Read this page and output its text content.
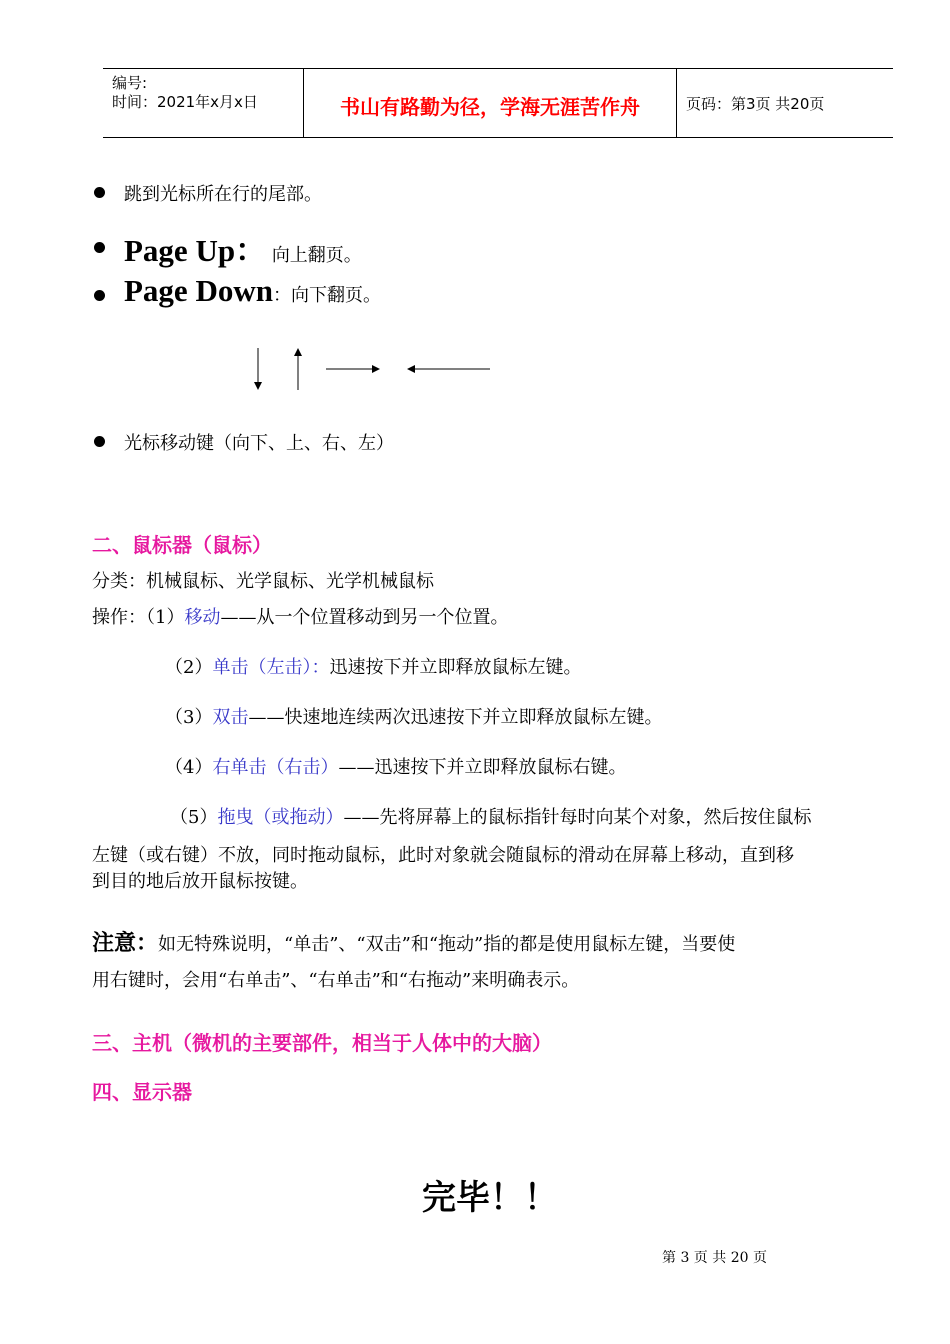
编号:
时间：2021年x月x日	书山有路勤为径，学海无涯苦作舟	页码：第3页 共20页
跳到光标所在行的尾部。
Page Up： 向上翻页。
Page Down：向下翻页。
光标移动键（向下、上、右、左）
二、鼠标器（鼠标）
分类：机械鼠标、光学鼠标、光学机械鼠标
操作：（1）移动——从一个位置移动到另一个位置。
（2）单击（左击）：迅速按下并立即释放鼠标左键。
（3）双击——快速地连续两次迅速按下并立即释放鼠标左键。
（4）右单击（右击）——迅速按下并立即释放鼠标右键。
（5）拖曳（或拖动）——先将屏幕上的鼠标指针每时向某个对象，然后按住鼠标
左键（或右键）不放，同时拖动鼠标，此时对象就会随鼠标的滑动在屏幕上移动，直到移
到目的地后放开鼠标按键。
注意：如无特殊说明，“单击”、“双击”和“拖动”指的都是使用鼠标左键，当要使
用右键时，会用“右单击”、“右单击”和“右拖动”来明确表示。
三、主机（微机的主要部件，相当于人体中的大脑）
四、显示器
完毕！！
第 3 页 共 20 页
